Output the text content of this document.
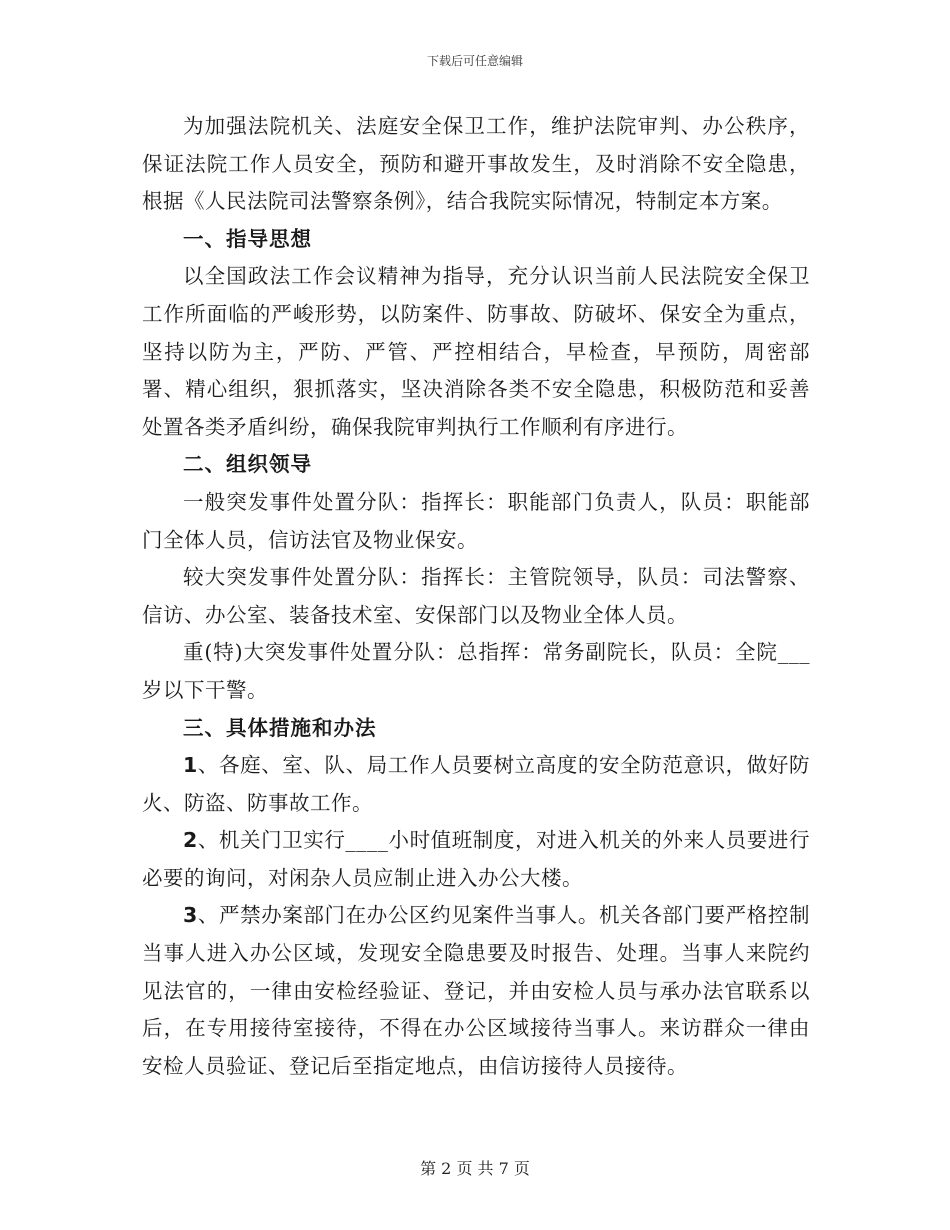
下载后可任意编辑

为加强法院机关、法庭安全保卫工作，维护法院审判、办公秩序，保证法院工作人员安全，预防和避开事故发生，及时消除不安全隐患，根据《人民法院司法警察条例》，结合我院实际情况，特制定本方案。

一、指导思想

以全国政法工作会议精神为指导，充分认识当前人民法院安全保卫工作所面临的严峻形势，以防案件、防事故、防破坏、保安全为重点，坚持以防为主，严防、严管、严控相结合，早检查，早预防，周密部署、精心组织，狠抓落实，坚决消除各类不安全隐患，积极防范和妥善处置各类矛盾纠纷，确保我院审判执行工作顺利有序进行。

二、组织领导

一般突发事件处置分队：指挥长：职能部门负责人，队员：职能部门全体人员，信访法官及物业保安。

较大突发事件处置分队：指挥长：主管院领导，队员：司法警察、信访、办公室、装备技术室、安保部门以及物业全体人员。

重(特)大突发事件处置分队：总指挥：常务副院长，队员：全院___岁以下干警。

三、具体措施和办法

1、各庭、室、队、局工作人员要树立高度的安全防范意识，做好防火、防盗、防事故工作。

2、机关门卫实行____小时值班制度，对进入机关的外来人员要进行必要的询问，对闲杂人员应制止进入办公大楼。

3、严禁办案部门在办公区约见案件当事人。机关各部门要严格控制当事人进入办公区域，发现安全隐患要及时报告、处理。当事人来院约见法官的，一律由安检经验证、登记，并由安检人员与承办法官联系以后，在专用接待室接待，不得在办公区域接待当事人。来访群众一律由安检人员验证、登记后至指定地点，由信访接待人员接待。

第 2 页 共 7 页
